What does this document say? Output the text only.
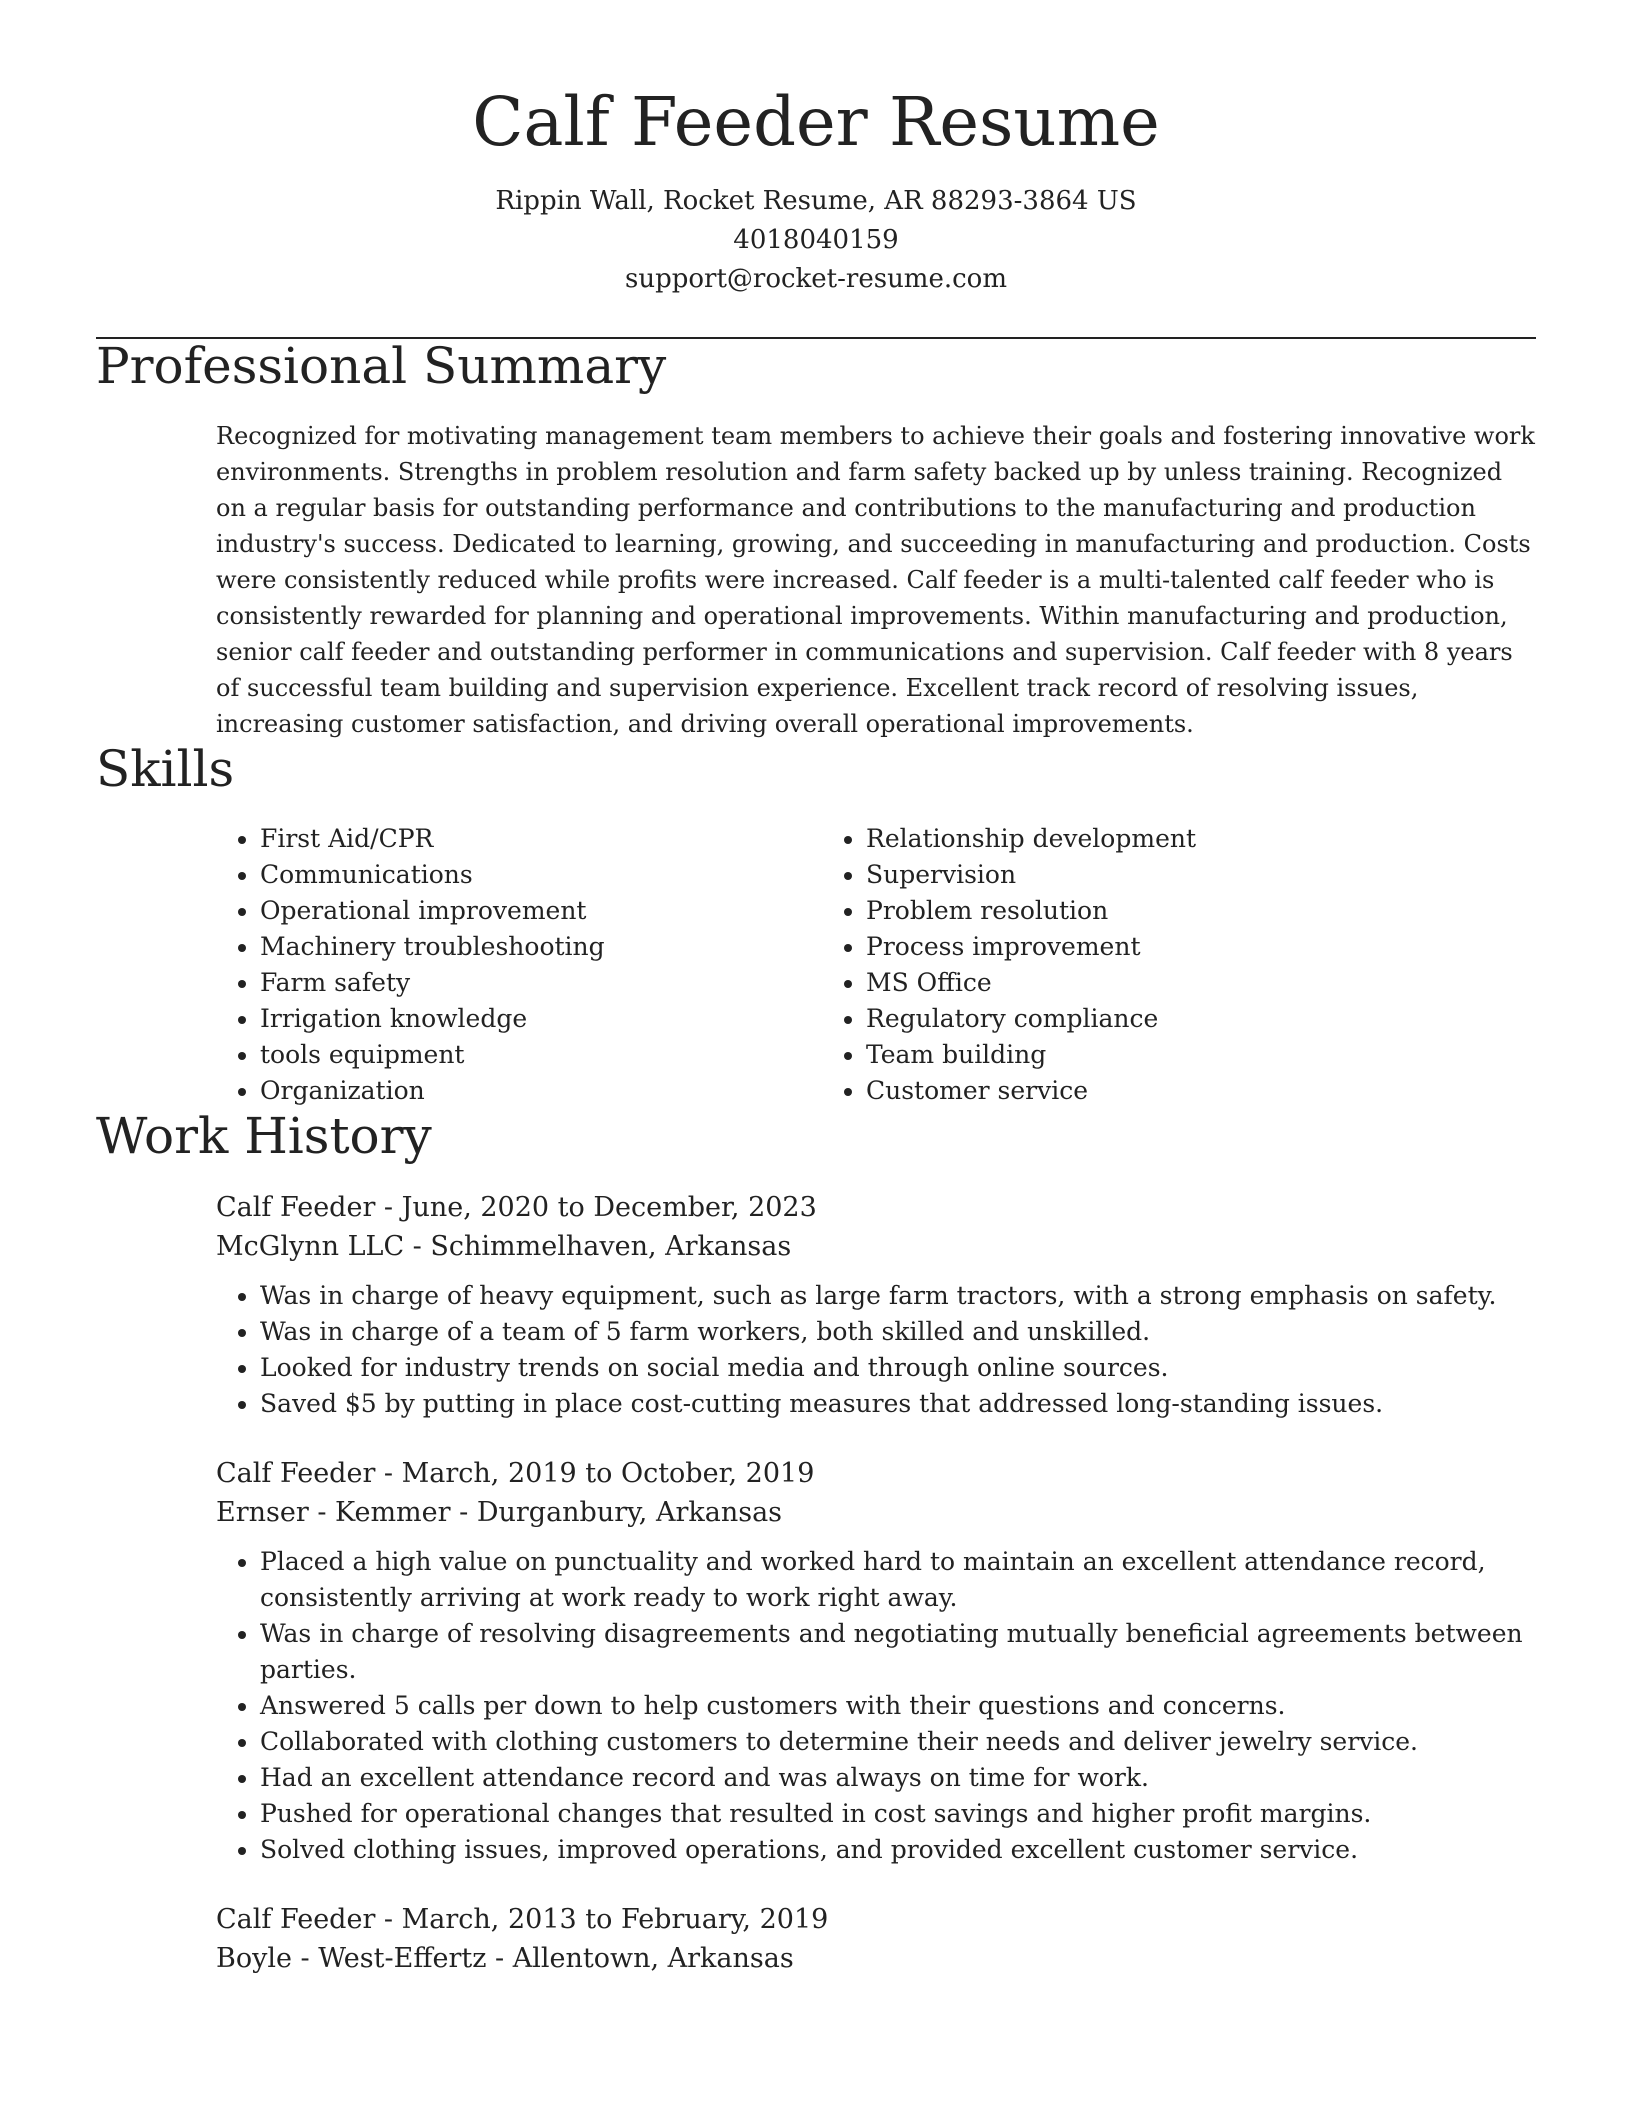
Calf Feeder Resume

Rippin Wall, Rocket Resume, AR 88293-3864 US

4018040159

support@rocket-resume.com

Professional Summary

Recognized for motivating management team members to achieve their goals and fostering innovative work environments. Strengths in problem resolution and farm safety backed up by unless training. Recognized on a regular basis for outstanding performance and contributions to the manufacturing and production industry's success. Dedicated to learning, growing, and succeeding in manufacturing and production. Costs were consistently reduced while profits were increased. Calf feeder is a multi-talented calf feeder who is consistently rewarded for planning and operational improvements. Within manufacturing and production, senior calf feeder and outstanding performer in communications and supervision. Calf feeder with 8 years of successful team building and supervision experience. Excellent track record of resolving issues, increasing customer satisfaction, and driving overall operational improvements.

Skills
• First Aid/CPR
• Communications
• Operational improvement
• Machinery troubleshooting
• Farm safety
• Irrigation knowledge
• tools equipment
• Organization
• Relationship development
• Supervision
• Problem resolution
• Process improvement
• MS Office
• Regulatory compliance
• Team building
• Customer service
Work History
Calf Feeder - June, 2020 to December, 2023
McGlynn LLC - Schimmelhaven, Arkansas
• Was in charge of heavy equipment, such as large farm tractors, with a strong emphasis on safety.
• Was in charge of a team of 5 farm workers, both skilled and unskilled.
• Looked for industry trends on social media and through online sources.
• Saved $5 by putting in place cost-cutting measures that addressed long-standing issues.
Calf Feeder - March, 2019 to October, 2019
Ernser - Kemmer - Durganbury, Arkansas
• Placed a high value on punctuality and worked hard to maintain an excellent attendance record, consistently arriving at work ready to work right away.
• Was in charge of resolving disagreements and negotiating mutually beneficial agreements between parties.
• Answered 5 calls per down to help customers with their questions and concerns.
• Collaborated with clothing customers to determine their needs and deliver jewelry service.
• Had an excellent attendance record and was always on time for work.
• Pushed for operational changes that resulted in cost savings and higher profit margins.
• Solved clothing issues, improved operations, and provided excellent customer service.
Calf Feeder - March, 2013 to February, 2019
Boyle - West-Effertz - Allentown, Arkansas
